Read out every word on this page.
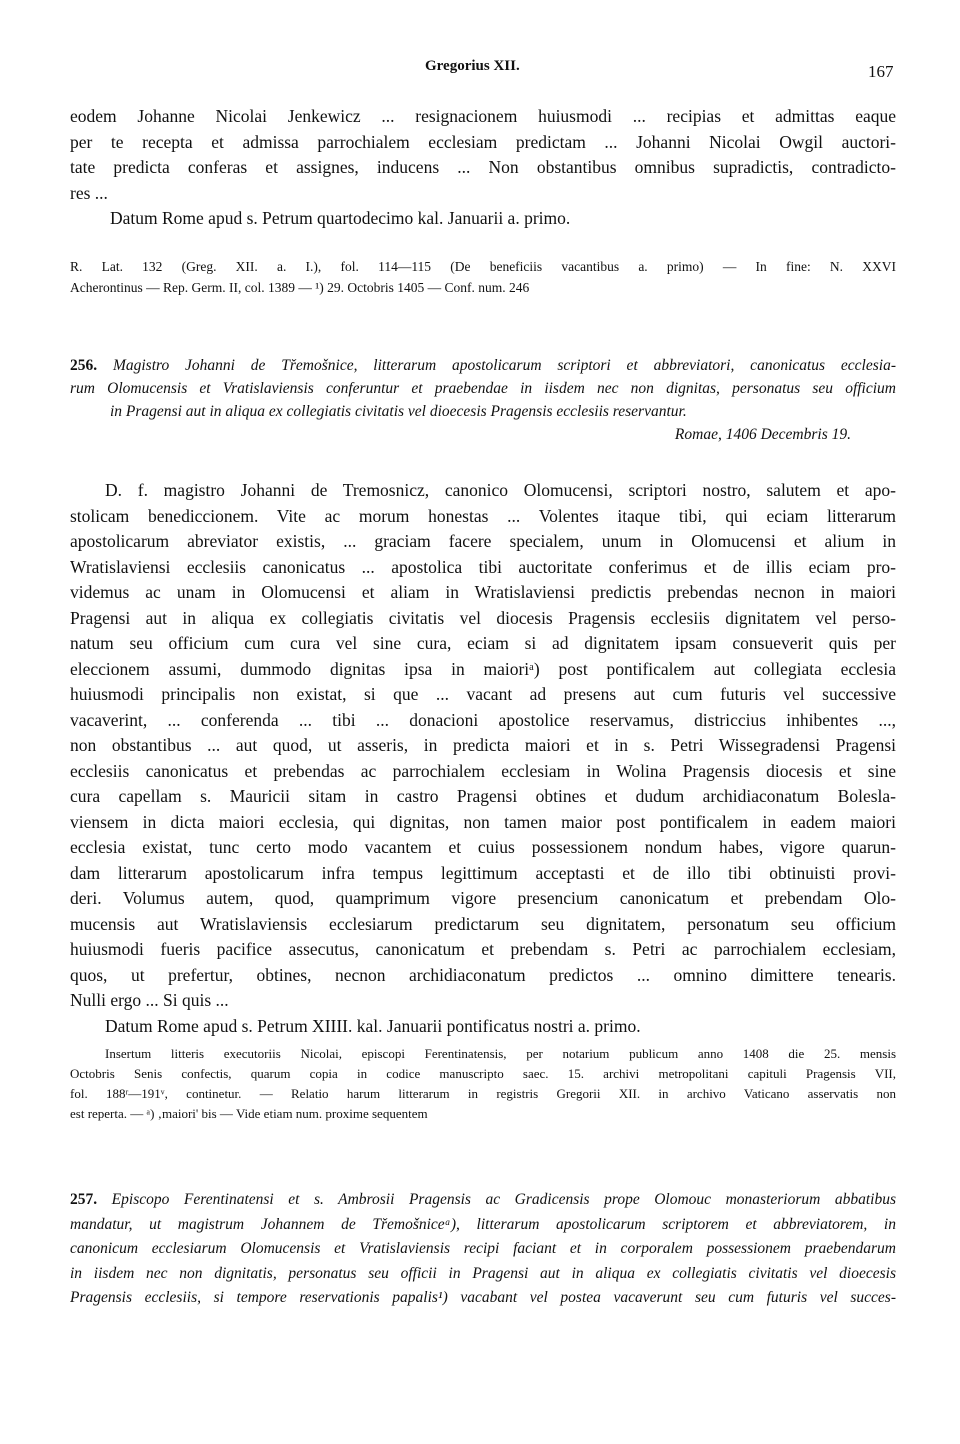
Gregorius XII.	167
eodem Johanne Nicolai Jenkewicz ... resignacionem huiusmodi ... recipias et admittas eaque
per te recepta et admissa parrochialem ecclesiam predictam ... Johanni Nicolai Owgil auctori-
tate predicta conferas et assignes, inducens ... Non obstantibus omnibus supradictis, contradicto-
res ...
Datum Rome apud s. Petrum quartodecimo kal. Januarii a. primo.
R. Lat. 132 (Greg. XII. a. I.), fol. 114—115 (De beneficiis vacantibus a. primo) — In fine: N. XXVI
Acherontinus — Rep. Germ. II, col. 1389 — ¹) 29. Octobris 1405 — Conf. num. 246
256. Magistro Johanni de Třemošnice, litterarum apostolicarum scriptori et abbreviatori, canonicatus ecclesia-
rum Olomucensis et Vratislaviensis conferuntur et praebendae in iisdem nec non dignitas, personatus seu officium
in Pragensi aut in aliqua ex collegiatis civitatis vel dioecesis Pragensis ecclesiis reservantur.
Romae, 1406 Decembris 19.
D. f. magistro Johanni de Tremosnicz, canonico Olomucensi, scriptori nostro, salutem et apo-
stolicam benediccionem. Vite ac morum honestas ... Volentes itaque tibi, qui eciam litterarum
apostolicarum abreviator existis, ... graciam facere specialem, unum in Olomucensi et alium in
Wratislaviensi ecclesiis canonicatus ... apostolica tibi auctoritate conferimus et de illis eciam pro-
videmus ac unam in Olomucensi et aliam in Wratislaviensi predictis prebendas necnon in maiori
Pragensi aut in aliqua ex collegiatis civitatis vel diocesis Pragensis ecclesiis dignitatem vel perso-
natum seu officium cum cura vel sine cura, eciam si ad dignitatem ipsam consueverit quis per
eleccionem assumi, dummodo dignitas ipsa in maioriᵃ) post pontificalem aut collegiata ecclesia
huiusmodi principalis non existat, si que ... vacant ad presens aut cum futuris vel successive
vacaverint, ... conferenda ... tibi ... donacioni apostolice reservamus, districcius inhibentes ...,
non obstantibus ... aut quod, ut asseris, in predicta maiori et in s. Petri Wissegradensi Pragensi
ecclesiis canonicatus et prebendas ac parrochialem ecclesiam in Wolina Pragensis diocesis et sine
cura capellam s. Mauricii sitam in castro Pragensi obtines et dudum archidiaconatum Bolesla-
viensem in dicta maiori ecclesia, qui dignitas, non tamen maior post pontificalem in eadem maiori
ecclesia existat, tunc certo modo vacantem et cuius possessionem nondum habes, vigore quarun-
dam litterarum apostolicarum infra tempus legittimum acceptasti et de illo tibi obtinuisti provi-
deri. Volumus autem, quod, quamprimum vigore presencium canonicatum et prebendam Olo-
mucensis aut Wratislaviensis ecclesiarum predictarum seu dignitatem, personatum seu officium
huiusmodi fueris pacifice assecutus, canonicatum et prebendam s. Petri ac parrochialem ecclesiam,
quos, ut prefertur, obtines, necnon archidiaconatum predictos ... omnino dimittere tenearis.
Nulli ergo ... Si quis ...
Datum Rome apud s. Petrum XIIII. kal. Januarii pontificatus nostri a. primo.
Insertum litteris executoriis Nicolai, episcopi Ferentinatensis, per notarium publicum anno 1408 die 25. mensis
Octobris Senis confectis, quarum copia in codice manuscripto saec. 15. archivi metropolitani capituli Pragensis VII,
fol. 188ʳ—191ᵛ, continetur. — Relatio harum litterarum in registris Gregorii XII. in archivo Vaticano asservatis non
est reperta. — ᵃ) ‚maiori' bis — Vide etiam num. proxime sequentem
257. Episcopo Ferentinatensi et s. Ambrosii Pragensis ac Gradicensis prope Olomouc monasteriorum abbatibus
mandatur, ut magistrum Johannem de Třemošniceᵃ), litterarum apostolicarum scriptorem et abbreviatorem, in
canonicum ecclesiarum Olomucensis et Vratislaviensis recipi faciant et in corporalem possessionem praebendarum
in iisdem nec non dignitatis, personatus seu officii in Pragensi aut in aliqua ex collegiatis civitatis vel dioecesis
Pragensis ecclesiis, si tempore reservationis papalis¹) vacabant vel postea vacaverunt seu cum futuris vel succes-
